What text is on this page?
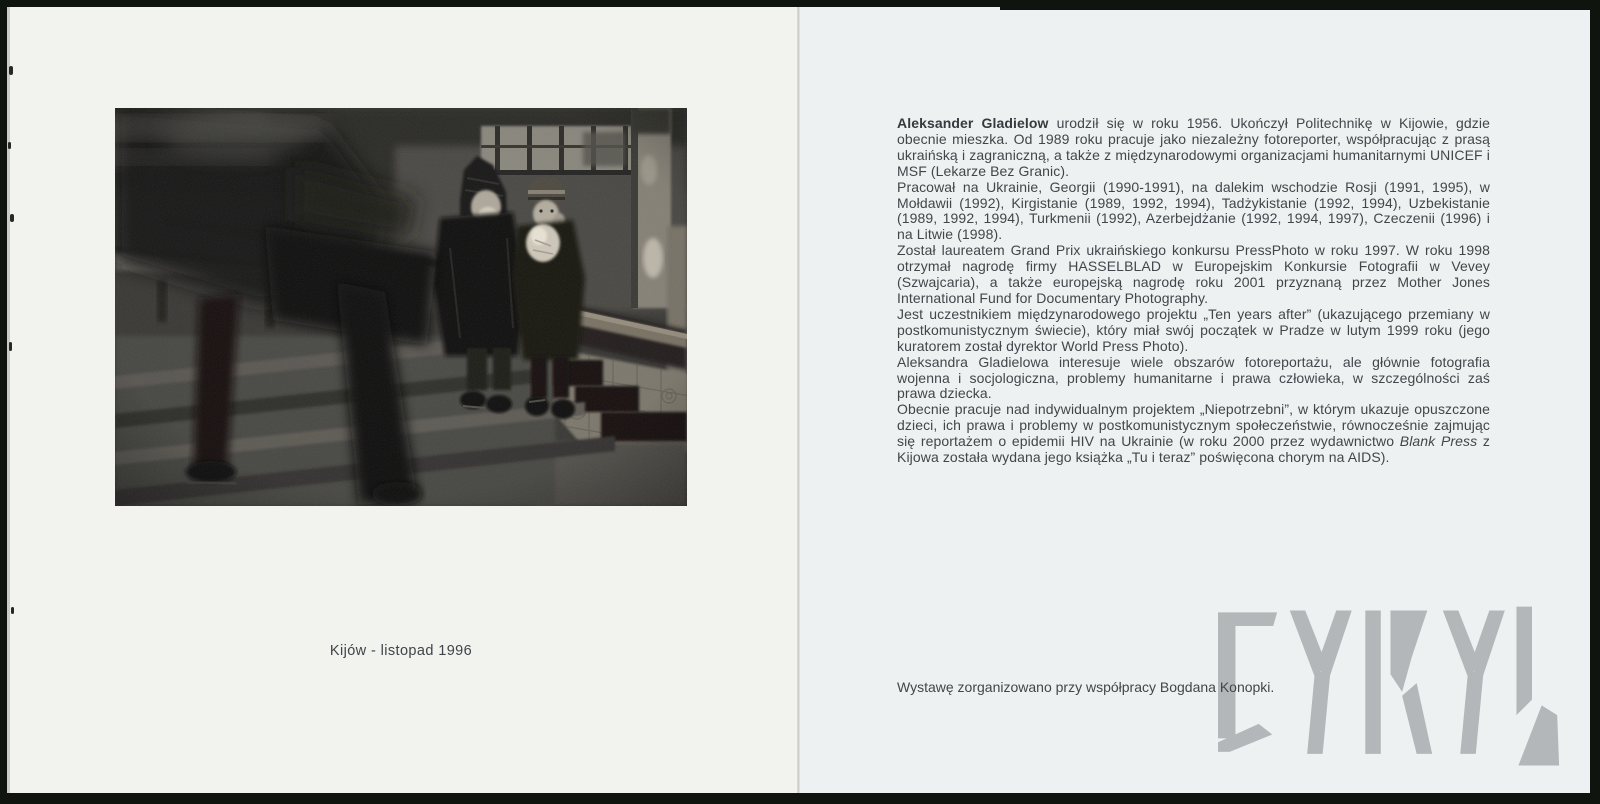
Kijów - listopad 1996

Aleksander Gladielow urodził się w roku 1956. Ukończył Politechnikę w Kijowie, gdzie obecnie mieszka. Od 1989 roku pracuje jako niezależny fotoreporter, współpracując z prasą ukraińską i zagraniczną, a także z międzynarodowymi organizacjami humanitarnymi UNICEF i MSF (Lekarze Bez Granic).

Pracował na Ukrainie, Georgii (1990-1991), na dalekim wschodzie Rosji (1991, 1995), w Mołdawii (1992), Kirgistanie (1989, 1992, 1994), Tadżykistanie (1992, 1994), Uzbekistanie (1989, 1992, 1994), Turkmenii (1992), Azerbejdżanie (1992, 1994, 1997), Czeczenii (1996) i na Litwie (1998).

Został laureatem Grand Prix ukraińskiego konkursu PressPhoto w roku 1997. W roku 1998 otrzymał nagrodę firmy HASSELBLAD w Europejskim Konkursie Fotografii w Vevey (Szwajcaria), a także europejską nagrodę roku 2001 przyznaną przez Mother Jones International Fund for Documentary Photography.

Jest uczestnikiem międzynarodowego projektu „Ten years after” (ukazującego przemiany w postkomunistycznym świecie), który miał swój początek w Pradze w lutym 1999 roku (jego kuratorem został dyrektor World Press Photo).

Aleksandra Gladielowa interesuje wiele obszarów fotoreportażu, ale głównie fotografia wojenna i socjologiczna, problemy humanitarne i prawa człowieka, w szczególności zaś prawa dziecka.

Obecnie pracuje nad indywidualnym projektem „Niepotrzebni”, w którym ukazuje opuszczone dzieci, ich prawa i problemy w postkomunistycznym społeczeństwie, równocześnie zajmując się reportażem o epidemii HIV na Ukrainie (w roku 2000 przez wydawnictwo Blank Press z Kijowa została wydana jego książka „Tu i teraz” poświęcona chorym na AIDS).

Wystawę zorganizowano przy współpracy Bogdana Konopki.
